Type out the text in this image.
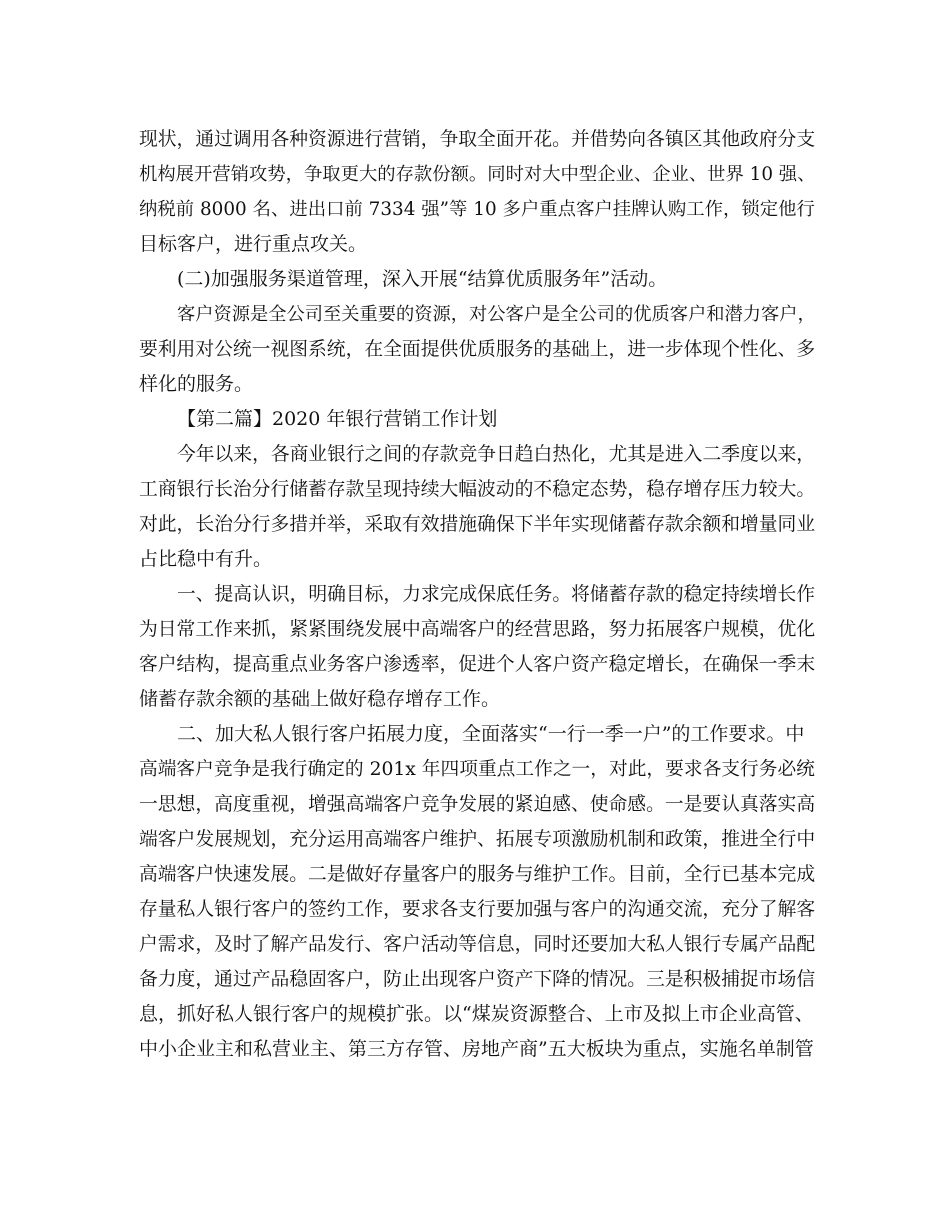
现状，通过调用各种资源进行营销，争取全面开花。并借势向各镇区其他政府分支

机构展开营销攻势，争取更大的存款份额。同时对大中型企业、企业、世界 10 强、

纳税前 8000 名、进出口前 7334 强”等 10 多户重点客户挂牌认购工作，锁定他行

目标客户，进行重点攻关。

(二)加强服务渠道管理，深入开展“结算优质服务年”活动。

客户资源是全公司至关重要的资源，对公客户是全公司的优质客户和潜力客户，

要利用对公统一视图系统，在全面提供优质服务的基础上，进一步体现个性化、多

样化的服务。

【第二篇】2020 年银行营销工作计划

今年以来，各商业银行之间的存款竞争日趋白热化，尤其是进入二季度以来，

工商银行长治分行储蓄存款呈现持续大幅波动的不稳定态势，稳存增存压力较大。

对此，长治分行多措并举，采取有效措施确保下半年实现储蓄存款余额和增量同业

占比稳中有升。

一、提高认识，明确目标，力求完成保底任务。将储蓄存款的稳定持续增长作

为日常工作来抓，紧紧围绕发展中高端客户的经营思路，努力拓展客户规模，优化

客户结构，提高重点业务客户渗透率，促进个人客户资产稳定增长，在确保一季末

储蓄存款余额的基础上做好稳存增存工作。

二、加大私人银行客户拓展力度，全面落实“一行一季一户”的工作要求。中

高端客户竞争是我行确定的 201x 年四项重点工作之一，对此，要求各支行务必统

一思想，高度重视，增强高端客户竞争发展的紧迫感、使命感。一是要认真落实高

端客户发展规划，充分运用高端客户维护、拓展专项激励机制和政策，推进全行中

高端客户快速发展。二是做好存量客户的服务与维护工作。目前，全行已基本完成

存量私人银行客户的签约工作，要求各支行要加强与客户的沟通交流，充分了解客

户需求，及时了解产品发行、客户活动等信息，同时还要加大私人银行专属产品配

备力度，通过产品稳固客户，防止出现客户资产下降的情况。三是积极捕捉市场信

息，抓好私人银行客户的规模扩张。以“煤炭资源整合、上市及拟上市企业高管、

中小企业主和私营业主、第三方存管、房地产商”五大板块为重点，实施名单制管
